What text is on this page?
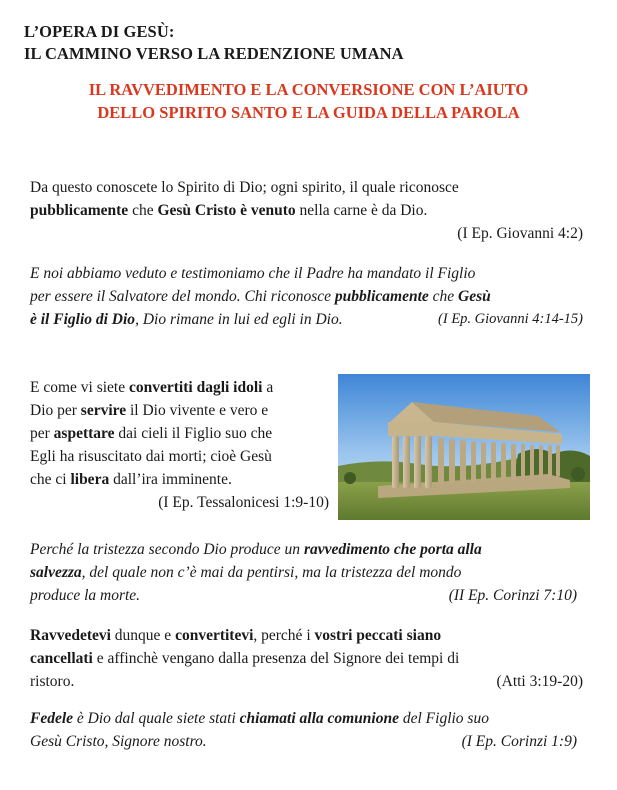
L’OPERA DI GESÙ:
IL CAMMINO VERSO LA REDENZIONE UMANA
IL RAVVEDIMENTO E LA CONVERSIONE CON L’AIUTO
DELLO SPIRITO SANTO E LA GUIDA DELLA PAROLA
Da questo conoscete lo Spirito di Dio; ogni spirito, il quale riconosce
pubblicamente che Gesù Cristo è venuto nella carne è da Dio.
(I Ep. Giovanni 4:2)
E noi abbiamo veduto e testimoniamo che il Padre ha mandato il Figlio
per essere il Salvatore del mondo. Chi riconosce pubblicamente che Gesù
è il Figlio di Dio, Dio rimane in lui ed egli in Dio.	(I Ep. Giovanni 4:14-15)
E come vi siete convertiti dagli idoli a
Dio per servire il Dio vivente e vero e
per aspettare dai cieli il Figlio suo che
Egli ha risuscitato dai morti; cioè Gesù
che ci libera dall’ira imminente.
(I Ep. Tessalonicesi 1:9-10)
Perché la tristezza secondo Dio produce un ravvedimento che porta alla
salvezza, del quale non c’è mai da pentirsi, ma la tristezza del mondo
produce la morte.	(II Ep. Corinzi 7:10)
Ravvedetevi dunque e convertitevi, perché i vostri peccati siano
cancellati e affinchè vengano dalla presenza del Signore dei tempi di
ristoro.	(Atti 3:19-20)
Fedele è Dio dal quale siete stati chiamati alla comunione del Figlio suo
Gesù Cristo, Signore nostro.	(I Ep. Corinzi 1:9)
